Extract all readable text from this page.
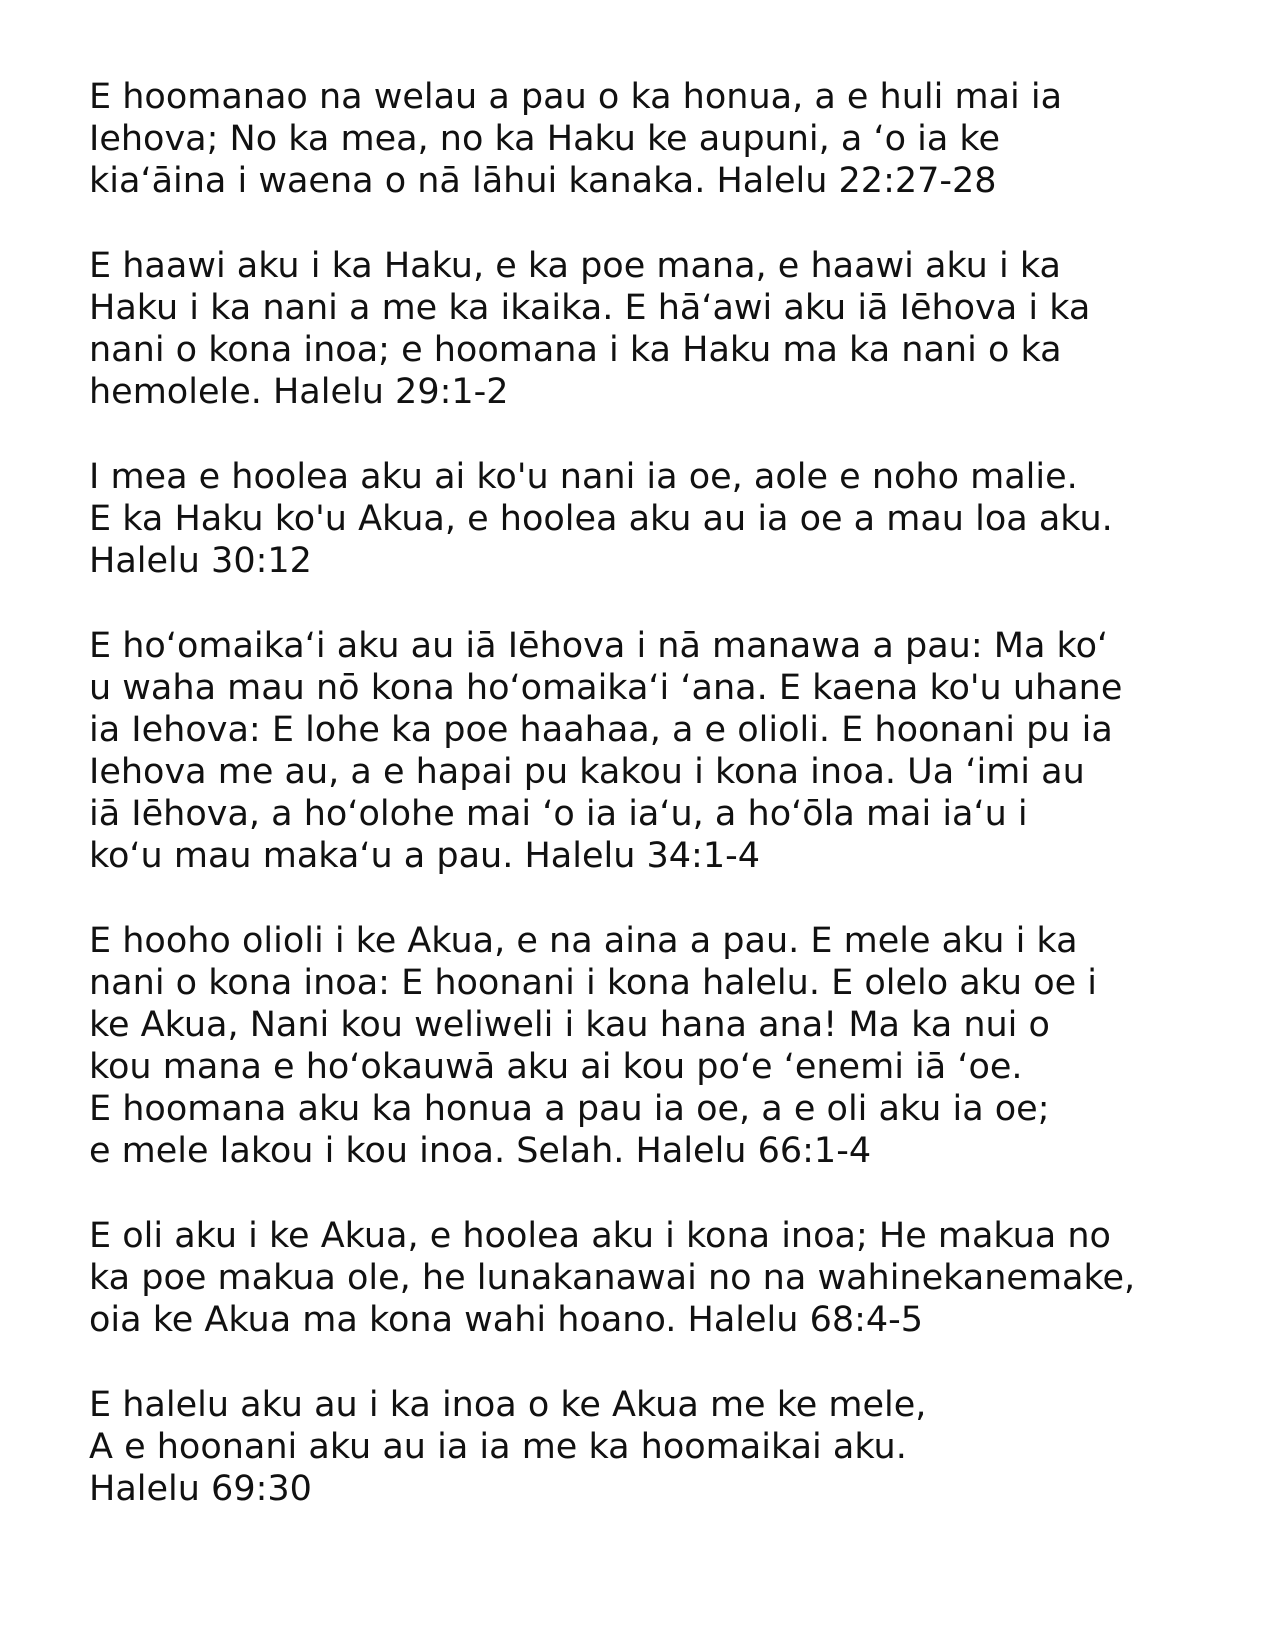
E hoomanao na welau a pau o ka honua, a e huli mai ia
Iehova; No ka mea, no ka Haku ke aupuni, a ‘o ia ke
kiaʻāina i waena o nā lāhui kanaka. Halelu 22:27-28
E haawi aku i ka Haku, e ka poe mana, e haawi aku i ka
Haku i ka nani a me ka ikaika. E hāʻawi aku iā Iēhova i ka
nani o kona inoa; e hoomana i ka Haku ma ka nani o ka
hemolele. Halelu 29:1-2
I mea e hoolea aku ai ko'u nani ia oe, aole e noho malie.
E ka Haku ko'u Akua, e hoolea aku au ia oe a mau loa aku.
Halelu 30:12
E hoʻomaikaʻi aku au iā Iēhova i nā manawa a pau: Ma koʻ
u waha mau nō kona hoʻomaikaʻi ʻana. E kaena ko'u uhane
ia Iehova: E lohe ka poe haahaa, a e olioli. E hoonani pu ia
Iehova me au, a e hapai pu kakou i kona inoa. Ua ‘imi au
iā Iēhova, a hoʻolohe mai ‘o ia iaʻu, a hoʻōla mai iaʻu i
koʻu mau makaʻu a pau. Halelu 34:1-4
E hooho olioli i ke Akua, e na aina a pau. E mele aku i ka
nani o kona inoa: E hoonani i kona halelu. E olelo aku oe i
ke Akua, Nani kou weliweli i kau hana ana! Ma ka nui o
kou mana e hoʻokauwā aku ai kou poʻe ‘enemi iā ‘oe.
E hoomana aku ka honua a pau ia oe, a e oli aku ia oe;
e mele lakou i kou inoa. Selah. Halelu 66:1-4
E oli aku i ke Akua, e hoolea aku i kona inoa; He makua no
ka poe makua ole, he lunakanawai no na wahinekanemake,
oia ke Akua ma kona wahi hoano. Halelu 68:4-5
E halelu aku au i ka inoa o ke Akua me ke mele,
A e hoonani aku au ia ia me ka hoomaikai aku.
Halelu 69:30
